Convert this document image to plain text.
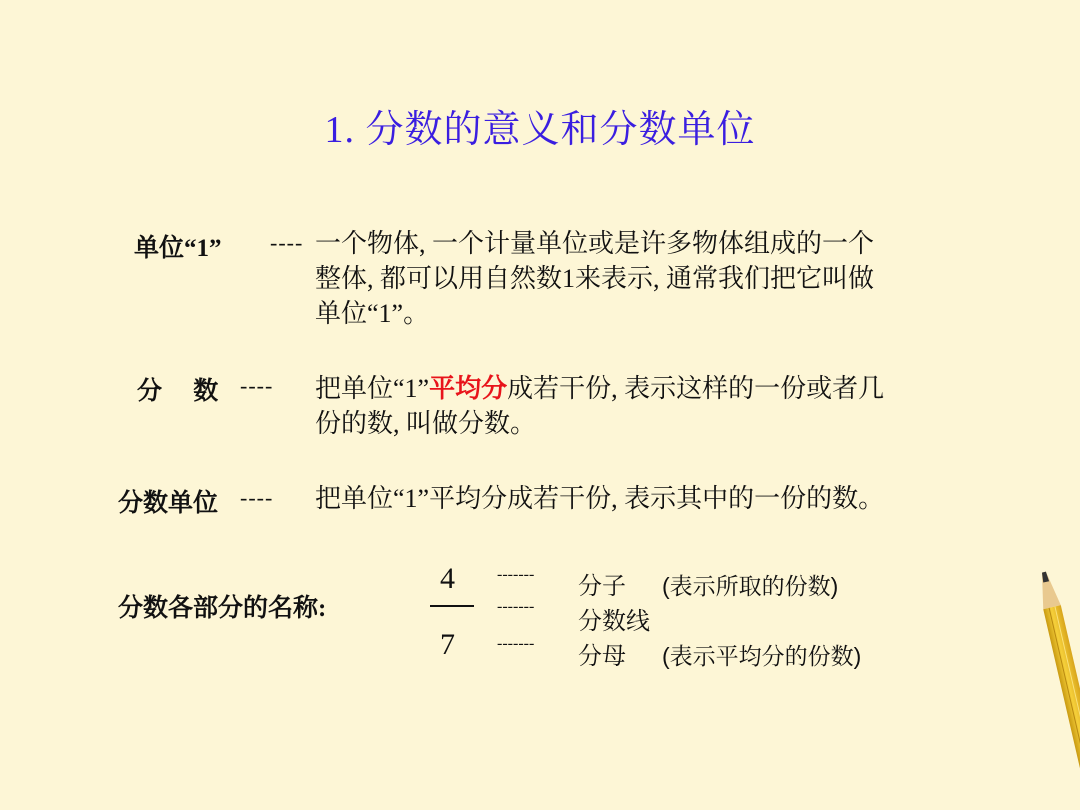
1. 分数的意义和分数单位
单位“1” ---- 一个物体, 一个计量单位或是许多物体组成的一个
整体, 都可以用自然数1来表示, 通常我们把它叫做
单位“1”。
分　 数 ---- 把单位“1”平均分成若干份, 表示这样的一份或者几
份的数, 叫做分数。
分数单位 ---- 把单位“1”平均分成若干份, 表示其中的一份的数。
分数各部分的名称:
4
7
-------
-------
-------
分子 (表示所取的份数)
分数线
分母 (表示平均分的份数)
